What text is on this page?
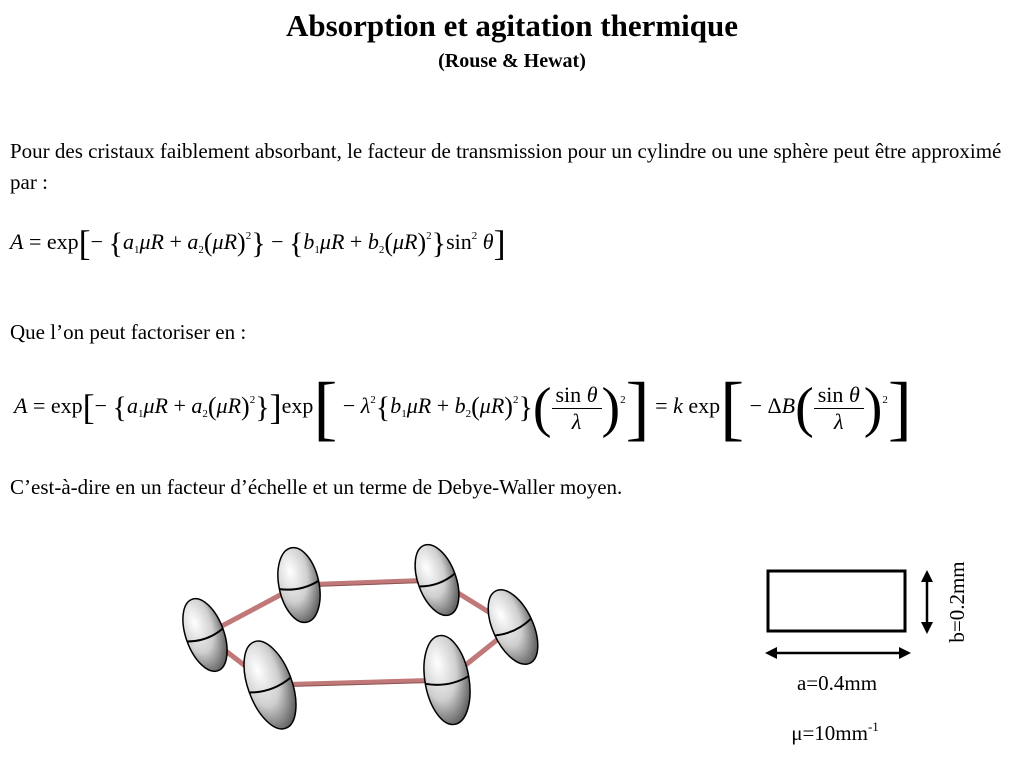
Absorption et agitation thermique
(Rouse & Hewat)
Pour des cristaux faiblement absorbant, le facteur de transmission pour un cylindre ou une sphère peut être approximé par :
$A = \exp[- \{a_1\mu R + a_2(\mu R)^2\} - \{b_1\mu R + b_2(\mu R)^2\}\sin^2$ θ]
Que l’on peut factoriser en :
$A = \exp[- \{a_1\mu R + a_2(\mu R)^2\}]\exp[ - \lambda^2\{b_1\mu R + b_2(\mu R)^2\}( \frac{\text{sin θ}}{\lambda} )^2] = k$ $\exp[ - \Delta B( \frac{\text{sin θ}}{\lambda} )^2]$
C’est-à-dire en un facteur d’échelle et un terme de Debye-Waller moyen.
a=0.4mm
b=0.2mm
$\mu=10mm^{-1}$
